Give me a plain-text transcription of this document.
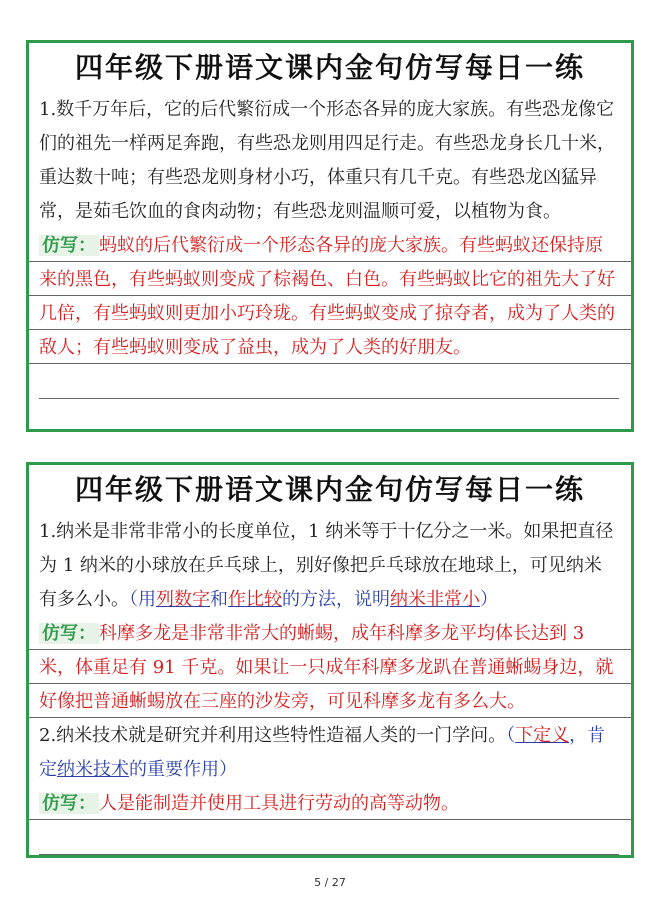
四年级下册语文课内金句仿写每日一练

1.数千万年后，它的后代繁衍成一个形态各异的庞大家族。有些恐龙像它们的祖先一样两足奔跑，有些恐龙则用四足行走。有些恐龙身长几十米，重达数十吨；有些恐龙则身材小巧，体重只有几千克。有些恐龙凶猛异常，是茹毛饮血的食肉动物；有些恐龙则温顺可爱，以植物为食。

仿写： 蚂蚁的后代繁衍成一个形态各异的庞大家族。有些蚂蚁还保持原来的黑色，有些蚂蚁则变成了棕褐色、白色。有些蚂蚁比它的祖先大了好几倍，有些蚂蚁则更加小巧玲珑。有些蚂蚁变成了掠夺者，成为了人类的敌人；有些蚂蚁则变成了益虫，成为了人类的好朋友。

四年级下册语文课内金句仿写每日一练

1.纳米是非常非常小的长度单位，1 纳米等于十亿分之一米。如果把直径为 1 纳米的小球放在乒乓球上，别好像把乒乓球放在地球上，可见纳米有多么小。（用列数字和作比较的方法，说明纳米非常小）

仿写： 科摩多龙是非常非常大的蜥蜴，成年科摩多龙平均体长达到 3 米，体重足有 91 千克。如果让一只成年科摩多龙趴在普通蜥蜴身边，就好像把普通蜥蜴放在三座的沙发旁，可见科摩多龙有多么大。

2.纳米技术就是研究并利用这些特性造福人类的一门学问。（下定义，肯定纳米技术的重要作用）

仿写： 人是能制造并使用工具进行劳动的高等动物。

5 / 27
